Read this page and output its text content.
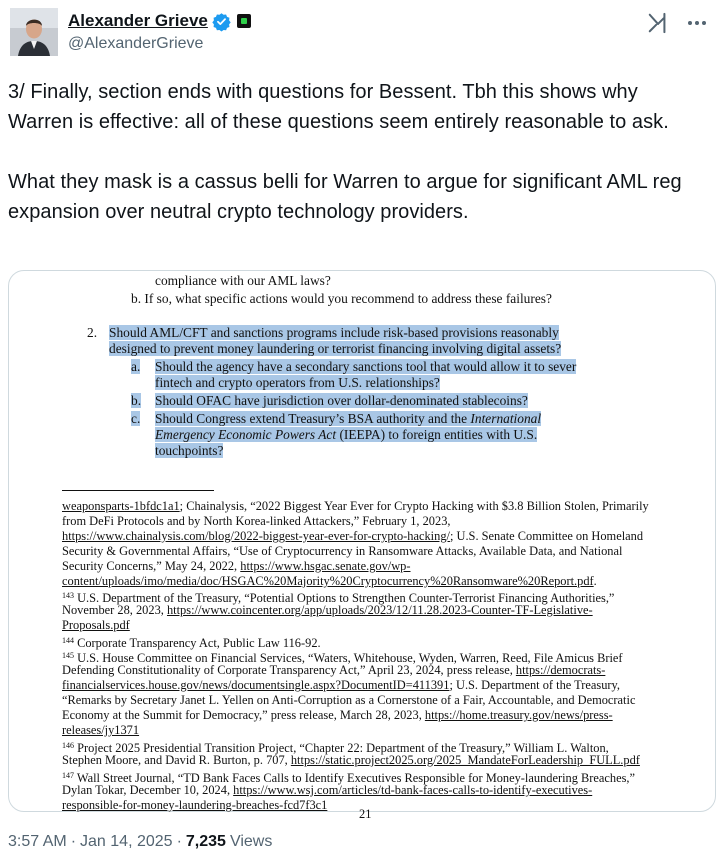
Alexander Grieve
@AlexanderGrieve

3/ Finally, section ends with questions for Bessent. Tbh this shows why Warren is effective: all of these questions seem entirely reasonable to ask.

What they mask is a cassus belli for Warren to argue for significant AML reg expansion over neutral crypto technology providers.

compliance with our AML laws?
b. If so, what specific actions would you recommend to address these failures?
2. Should AML/CFT and sanctions programs include risk-based provisions reasonably
designed to prevent money laundering or terrorist financing involving digital assets?
a. Should the agency have a secondary sanctions tool that would allow it to sever
fintech and crypto operators from U.S. relationships?
b. Should OFAC have jurisdiction over dollar-denominated stablecoins?
c. Should Congress extend Treasury’s BSA authority and the International
Emergency Economic Powers Act (IEEPA) to foreign entities with U.S.
touchpoints?
weaponsparts-1bfdc1a1; Chainalysis, “2022 Biggest Year Ever for Crypto Hacking with $3.8 Billion Stolen, Primarily
from DeFi Protocols and by North Korea-linked Attackers,” February 1, 2023,
https://www.chainalysis.com/blog/2022-biggest-year-ever-for-crypto-hacking/; U.S. Senate Committee on Homeland
Security & Governmental Affairs, “Use of Cryptocurrency in Ransomware Attacks, Available Data, and National
Security Concerns,” May 24, 2022, https://www.hsgac.senate.gov/wp-
content/uploads/imo/media/doc/HSGAC%20Majority%20Cryptocurrency%20Ransomware%20Report.pdf.
$^{143}$ U.S. Department of the Treasury, “Potential Options to Strengthen Counter-Terrorist Financing Authorities,”
November 28, 2023, https://www.coincenter.org/app/uploads/2023/12/11.28.2023-Counter-TF-Legislative-
Proposals.pdf
$^{144}$ Corporate Transparency Act, Public Law 116-92.
$^{145}$ U.S. House Committee on Financial Services, “Waters, Whitehouse, Wyden, Warren, Reed, File Amicus Brief
Defending Constitutionality of Corporate Transparency Act,” April 23, 2024, press release, https://democrats-
financialservices.house.gov/news/documentsingle.aspx?DocumentID=411391; U.S. Department of the Treasury,
“Remarks by Secretary Janet L. Yellen on Anti-Corruption as a Cornerstone of a Fair, Accountable, and Democratic
Economy at the Summit for Democracy,” press release, March 28, 2023, https://home.treasury.gov/news/press-
releases/jy1371
$^{146}$ Project 2025 Presidential Transition Project, “Chapter 22: Department of the Treasury,” William L. Walton,
Stephen Moore, and David R. Burton, p. 707, https://static.project2025.org/2025_MandateForLeadership_FULL.pdf
$^{147}$ Wall Street Journal, “TD Bank Faces Calls to Identify Executives Responsible for Money-laundering Breaches,”
Dylan Tokar, December 10, 2024, https://www.wsj.com/articles/td-bank-faces-calls-to-identify-executives-
responsible-for-money-laundering-breaches-fcd7f3c1
21
3:57 AM · Jan 14, 2025 · 7,235 Views
